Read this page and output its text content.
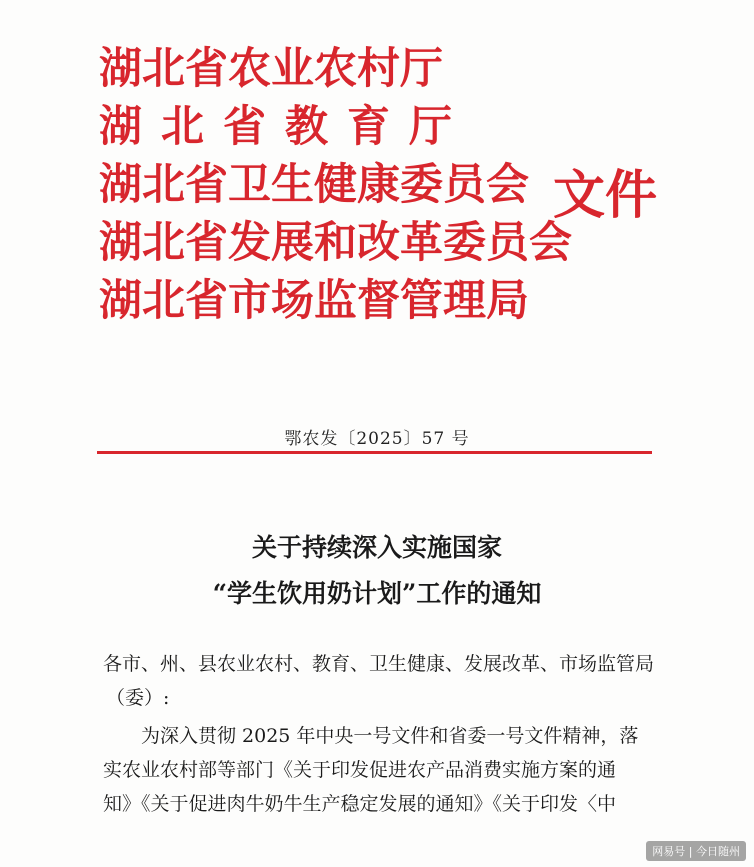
湖北省农业农村厅
湖北省教育厅
湖北省卫生健康委员会
湖北省发展和改革委员会
湖北省市场监督管理局
文件
鄂农发〔2025〕57 号
关于持续深入实施国家
“学生饮用奶计划”工作的通知
各市、州、县农业农村、教育、卫生健康、发展改革、市场监管局
（委）:
为深入贯彻 2025 年中央一号文件和省委一号文件精神，落
实农业农村部等部门《关于印发促进农产品消费实施方案的通
知》《关于促进肉牛奶牛生产稳定发展的通知》《关于印发〈中
网易号 | 今日随州
